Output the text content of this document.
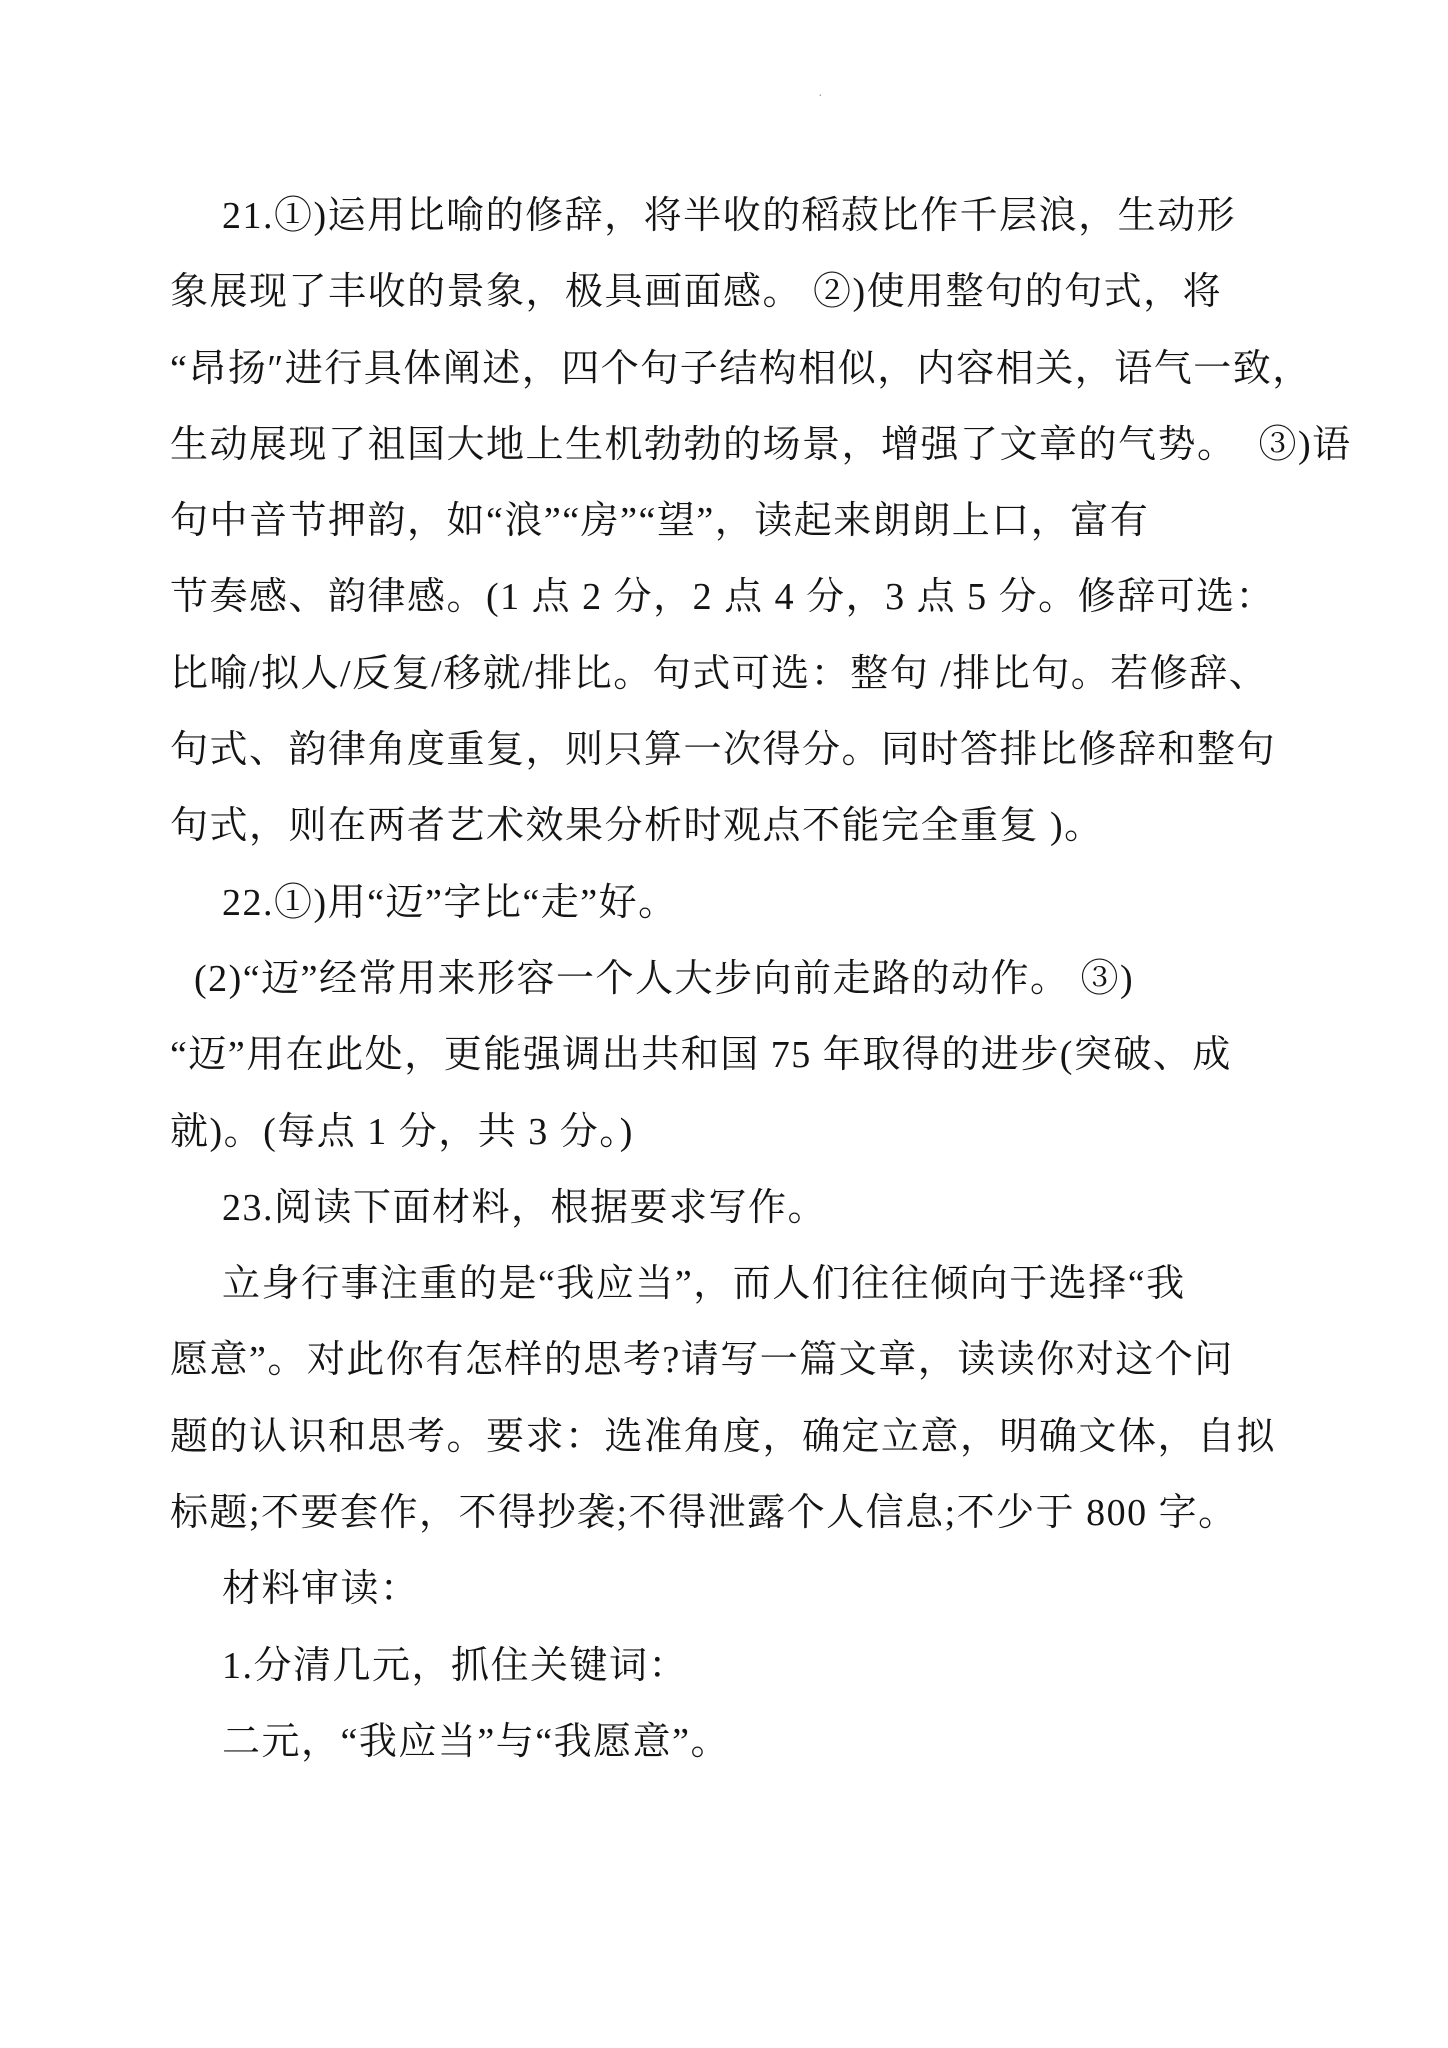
·
21.①)运用比喻的修辞，将半收的稻菽比作千层浪，生动形
象展现了丰收的景象，极具画面感。 ②)使用整句的句式，将
“昂扬″进行具体阐述，四个句子结构相似，内容相关，语气一致，
生动展现了祖国大地上生机勃勃的场景，增强了文章的气势。  ③)语
句中音节押韵，如“浪”“房”“望”，读起来朗朗上口，富有
节奏感、韵律感。(1 点 2 分，2 点 4 分，3 点 5 分。修辞可选：
比喻/拟人/反复/移就/排比。句式可选：整句 /排比句。若修辞、
句式、韵律角度重复，则只算一次得分。同时答排比修辞和整句
句式，则在两者艺术效果分析时观点不能完全重复 )。
22.①)用“迈”字比“走”好。
(2)“迈”经常用来形容一个人大步向前走路的动作。 ③)
“迈”用在此处，更能强调出共和国 75 年取得的进步(突破、成
就)。(每点 1 分，共 3 分。)
23.阅读下面材料，根据要求写作。
立身行事注重的是“我应当”，而人们往往倾向于选择“我
愿意”。对此你有怎样的思考?请写一篇文章，读读你对这个问
题的认识和思考。要求：选准角度，确定立意，明确文体，自拟
标题;不要套作，不得抄袭;不得泄露个人信息;不少于 800 字。
材料审读：
1.分清几元，抓住关键词：
二元，“我应当”与“我愿意”。
